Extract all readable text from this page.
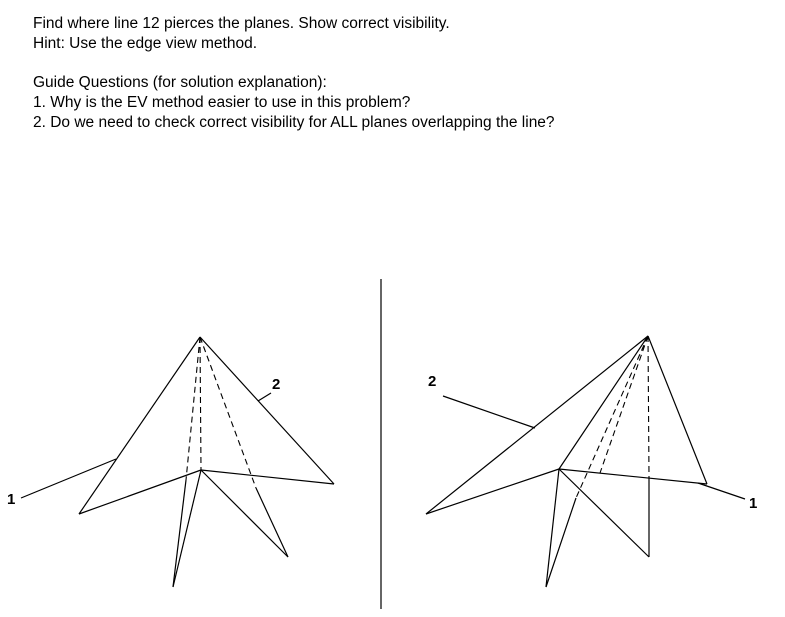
Find where line 12 pierces the planes. Show correct visibility.
Hint: Use the edge view method.
Guide Questions (for solution explanation):
1. Why is the EV method easier to use in this problem?
2. Do we need to check correct visibility for ALL planes overlapping the line?
1
2	2
1
